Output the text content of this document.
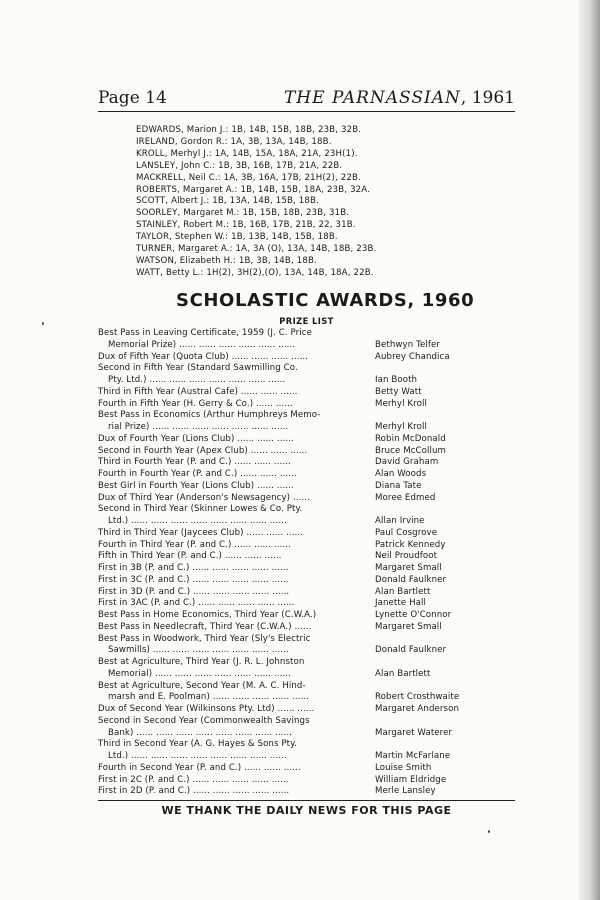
Page 14	THE PARNASSIAN, 1961
EDWARDS, Marion J.: 1B, 14B, 15B, 18B, 23B, 32B.
IRELAND, Gordon R.: 1A, 3B, 13A, 14B, 18B.
KROLL, Merhyl J.: 1A, 14B, 15A, 18A, 21A, 23H(1).
LANSLEY, John C.: 1B, 3B, 16B, 17B, 21A, 22B.
MACKRELL, Neil C.: 1A, 3B, 16A, 17B, 21H(2), 22B.
ROBERTS, Margaret A.: 1B, 14B, 15B, 18A, 23B, 32A.
SCOTT, Albert J.: 1B, 13A, 14B, 15B, 18B.
SOORLEY, Margaret M.: 1B, 15B, 18B, 23B, 31B.
STAINLEY, Robert M.: 1B, 16B, 17B, 21B, 22, 31B.
TAYLOR, Stephen W.: 1B, 13B, 14B, 15B, 18B.
TURNER, Margaret A.: 1A, 3A (O), 13A, 14B, 18B, 23B.
WATSON, Elizabeth H.: 1B, 3B, 14B, 18B.
WATT, Betty L.: 1H(2), 3H(2),(O), 13A, 14B, 18A, 22B.
SCHOLASTIC AWARDS, 1960
PRIZE LIST
Best Pass in Leaving Certificate, 1959 (J. C. Price
Memorial Prize) ...... ...... ...... ...... ...... ......	Bethwyn Telfer
Dux of Fifth Year (Quota Club) ...... ...... ...... ......	Aubrey Chandica
Second in Fifth Year (Standard Sawmilling Co.
Pty. Ltd.) ...... ...... ...... ...... ...... ...... ......	Ian Booth
Third in Fifth Year (Austral Cafe) ...... ...... ......	Betty Watt
Fourth in Fifth Year (H. Gerry & Co.) ...... ......	Merhyl Kroll
Best Pass in Economics (Arthur Humphreys Memo-
rial Prize) ...... ...... ...... ...... ...... ...... ......	Merhyl Kroll
Dux of Fourth Year (Lions Club) ...... ...... ......	Robin McDonald
Second in Fourth Year (Apex Club) ...... ...... ......	Bruce McCollum
Third in Fourth Year (P. and C.) ...... ...... ......	David Graham
Fourth in Fourth Year (P. and C.) ...... ...... ......	Alan Woods
Best Girl in Fourth Year (Lions Club) ...... ......	Diana Tate
Dux of Third Year (Anderson's Newsagency) ......	Moree Edmed
Second in Third Year (Skinner Lowes & Co. Pty.
Ltd.) ...... ...... ...... ...... ...... ...... ...... ......	Allan Irvine
Third in Third Year (Jaycees Club) ...... ...... ......	Paul Cosgrove
Fourth in Third Year (P. and C.) ...... ...... ......	Patrick Kennedy
Fifth in Third Year (P. and C.) ...... ...... ......	Neil Proudfoot
First in 3B (P. and C.) ...... ...... ...... ...... ......	Margaret Small
First in 3C (P. and C.) ...... ...... ...... ...... ......	Donald Faulkner
First in 3D (P. and C.) ...... ...... ...... ...... ......	Alan Bartlett
First in 3AC (P. and C.) ...... ...... ...... ...... ......	Janette Hall
Best Pass in Home Economics, Third Year (C.W.A.)	Lynette O'Connor
Best Pass in Needlecraft, Third Year (C.W.A.) ......	Margaret Small
Best Pass in Woodwork, Third Year (Sly's Electric
Sawmills) ...... ...... ...... ...... ...... ...... ......	Donald Faulkner
Best at Agriculture, Third Year (J. R. L. Johnston
Memorial) ...... ...... ...... ...... ...... ...... ......	Alan Bartlett
Best at Agriculture, Second Year (M. A. C. Hind-
marsh and E. Poolman) ...... ...... ...... ...... ......	Robert Crosthwaite
Dux of Second Year (Wilkinsons Pty. Ltd) ...... ......	Margaret Anderson
Second in Second Year (Commonwealth Savings
Bank) ...... ...... ...... ...... ...... ...... ...... ......	Margaret Waterer
Third in Second Year (A. G. Hayes & Sons Pty.
Ltd.) ...... ...... ...... ...... ...... ...... ...... ......	Martin McFarlane
Fourth in Second Year (P. and C.) ...... ...... ......	Louise Smith
First in 2C (P. and C.) ...... ...... ...... ...... ......	William Eldridge
First in 2D (P. and C.) ...... ...... ...... ...... ......	Merle Lansley
WE THANK THE DAILY NEWS FOR THIS PAGE
